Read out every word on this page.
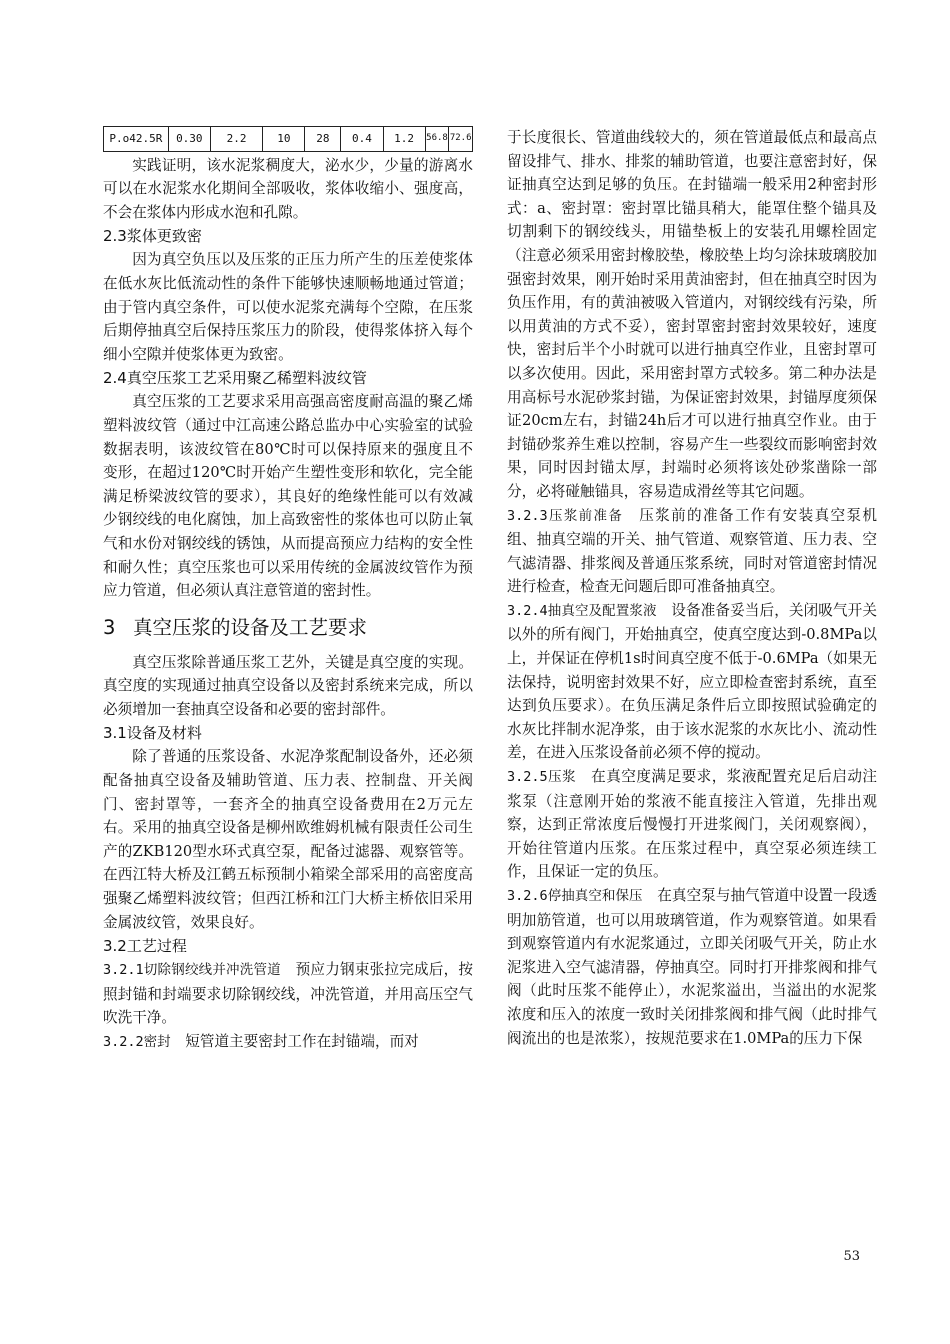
P.o42.5R	0.30	2.2	10	28	0.4	1.2	56.8	72.6

实践证明，该水泥浆稠度大，泌水少，少量的游离水可以在水泥浆水化期间全部吸收，浆体收缩小、强度高，不会在浆体内形成水泡和孔隙。

2.3浆体更致密

因为真空负压以及压浆的正压力所产生的压差使浆体在低水灰比低流动性的条件下能够快速顺畅地通过管道；由于管内真空条件，可以使水泥浆充满每个空隙，在压浆后期停抽真空后保持压浆压力的阶段，使得浆体挤入每个细小空隙并使浆体更为致密。

2.4真空压浆工艺采用聚乙稀塑料波纹管

真空压浆的工艺要求采用高强高密度耐高温的聚乙烯塑料波纹管（通过中江高速公路总监办中心实验室的试验数据表明，该波纹管在80℃时可以保持原来的强度且不变形，在超过120℃时开始产生塑性变形和软化，完全能满足桥梁波纹管的要求），其良好的绝缘性能可以有效减少钢绞线的电化腐蚀，加上高致密性的浆体也可以防止氧气和水份对钢绞线的锈蚀，从而提高预应力结构的安全性和耐久性；真空压浆也可以采用传统的金属波纹管作为预应力管道，但必须认真注意管道的密封性。

3 真空压浆的设备及工艺要求

真空压浆除普通压浆工艺外，关键是真空度的实现。真空度的实现通过抽真空设备以及密封系统来完成，所以必须增加一套抽真空设备和必要的密封部件。

3.1设备及材料

除了普通的压浆设备、水泥净浆配制设备外，还必须配备抽真空设备及辅助管道、压力表、控制盘、开关阀门、密封罩等，一套齐全的抽真空设备费用在2万元左右。采用的抽真空设备是柳州欧维姆机械有限责任公司生产的ZKB120型水环式真空泵，配备过滤器、观察管等。在西江特大桥及江鹤五标预制小箱梁全部采用的高密度高强聚乙烯塑料波纹管；但西江桥和江门大桥主桥依旧采用金属波纹管，效果良好。

3.2工艺过程

3.2.1切除钢绞线并冲洗管道　 预应力钢束张拉完成后，按照封锚和封端要求切除钢绞线，冲洗管道，并用高压空气吹洗干净。

3.2.2密封　 短管道主要密封工作在封锚端，而对

于长度很长、管道曲线较大的，须在管道最低点和最高点留设排气、排水、排浆的辅助管道，也要注意密封好，保证抽真空达到足够的负压。在封锚端一般采用2种密封形式：a、密封罩：密封罩比锚具稍大，能罩住整个锚具及切割剩下的钢绞线头，用锚垫板上的安装孔用螺栓固定（注意必须采用密封橡胶垫，橡胶垫上均匀涂抹玻璃胶加强密封效果，刚开始时采用黄油密封，但在抽真空时因为负压作用，有的黄油被吸入管道内，对钢绞线有污染，所以用黄油的方式不妥），密封罩密封密封效果较好，速度快，密封后半个小时就可以进行抽真空作业，且密封罩可以多次使用。因此，采用密封罩方式较多。第二种办法是用高标号水泥砂浆封锚，为保证密封效果，封锚厚度须保证20cm左右，封锚24h后才可以进行抽真空作业。由于封锚砂浆养生难以控制，容易产生一些裂纹而影响密封效果，同时因封锚太厚，封端时必须将该处砂浆凿除一部分，必将碰触锚具，容易造成滑丝等其它问题。

3.2.3压浆前准备　 压浆前的准备工作有安装真空泵机组、抽真空端的开关、抽气管道、观察管道、压力表、空气滤清器、排浆阀及普通压浆系统，同时对管道密封情况进行检查，检查无问题后即可准备抽真空。

3.2.4抽真空及配置浆液　 设备准备妥当后，关闭吸气开关以外的所有阀门，开始抽真空，使真空度达到-0.8MPa以上，并保证在停机1s时间真空度不低于-0.6MPa（如果无法保持，说明密封效果不好，应立即检查密封系统，直至达到负压要求）。在负压满足条件后立即按照试验确定的水灰比拌制水泥净浆，由于该水泥浆的水灰比小、流动性差，在进入压浆设备前必须不停的搅动。

3.2.5压浆　 在真空度满足要求，浆液配置充足后启动注浆泵（注意刚开始的浆液不能直接注入管道，先排出观察，达到正常浓度后慢慢打开进浆阀门，关闭观察阀），开始往管道内压浆。在压浆过程中，真空泵必须连续工作，且保证一定的负压。

3.2.6停抽真空和保压　 在真空泵与抽气管道中设置一段透明加筋管道，也可以用玻璃管道，作为观察管道。如果看到观察管道内有水泥浆通过，立即关闭吸气开关，防止水泥浆进入空气滤清器，停抽真空。同时打开排浆阀和排气阀（此时压浆不能停止），水泥浆溢出，当溢出的水泥浆浓度和压入的浓度一致时关闭排浆阀和排气阀（此时排气阀流出的也是浓浆），按规范要求在1.0MPa的压力下保

53
